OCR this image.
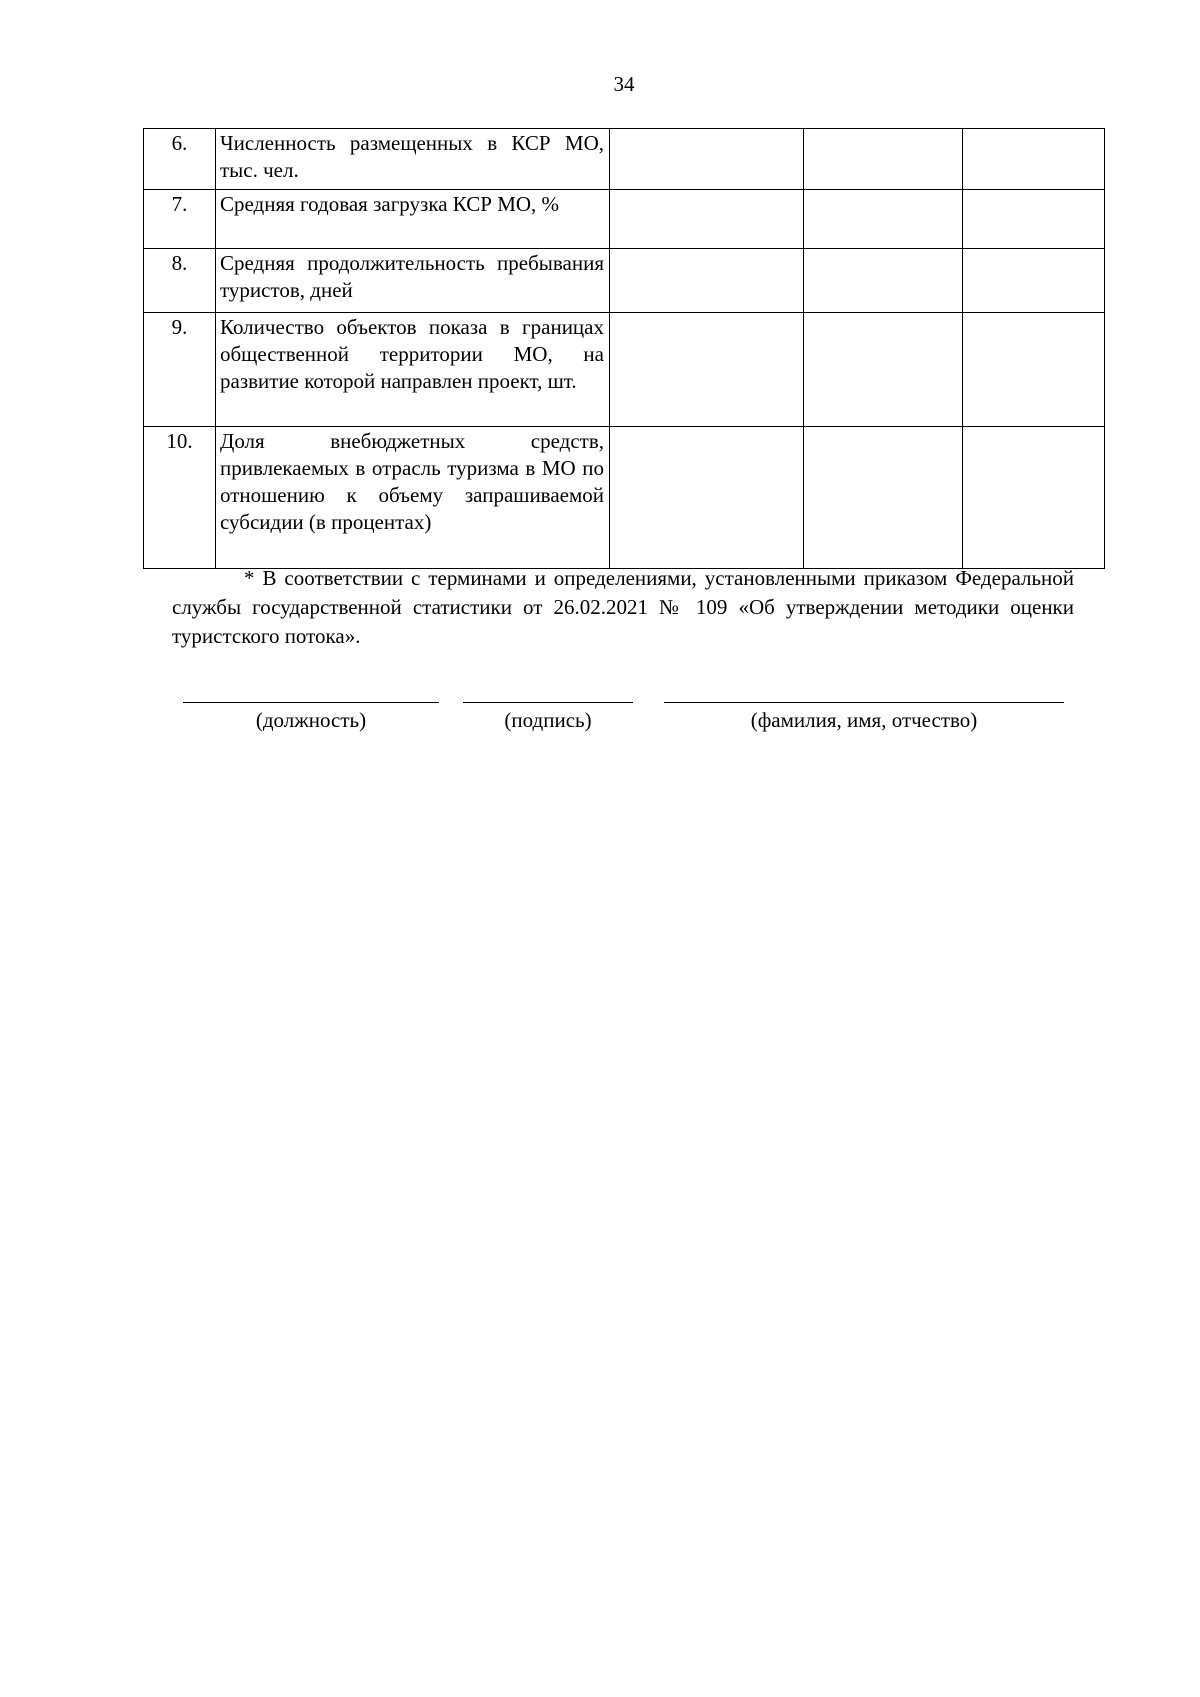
34
6.	Численность размещенных в КСР МО, тыс. чел.			
7.	Средняя годовая загрузка КСР МО, %			
8.	Средняя продолжительность пребывания туристов, дней			
9.	Количество объектов показа в границах общественной территории МО, на развитие которой направлен проект, шт.			
10.	Доля внебюджетных средств, привлекаемых в отрасль туризма в МО по отношению к объему запрашиваемой субсидии (в процентах)			
* В соответствии с терминами и определениями, установленными приказом Федеральной службы государственной статистики от 26.02.2021 № 109 «Об утверждении методики оценки туристского потока».
(должность)	(подпись)	(фамилия, имя, отчество)
